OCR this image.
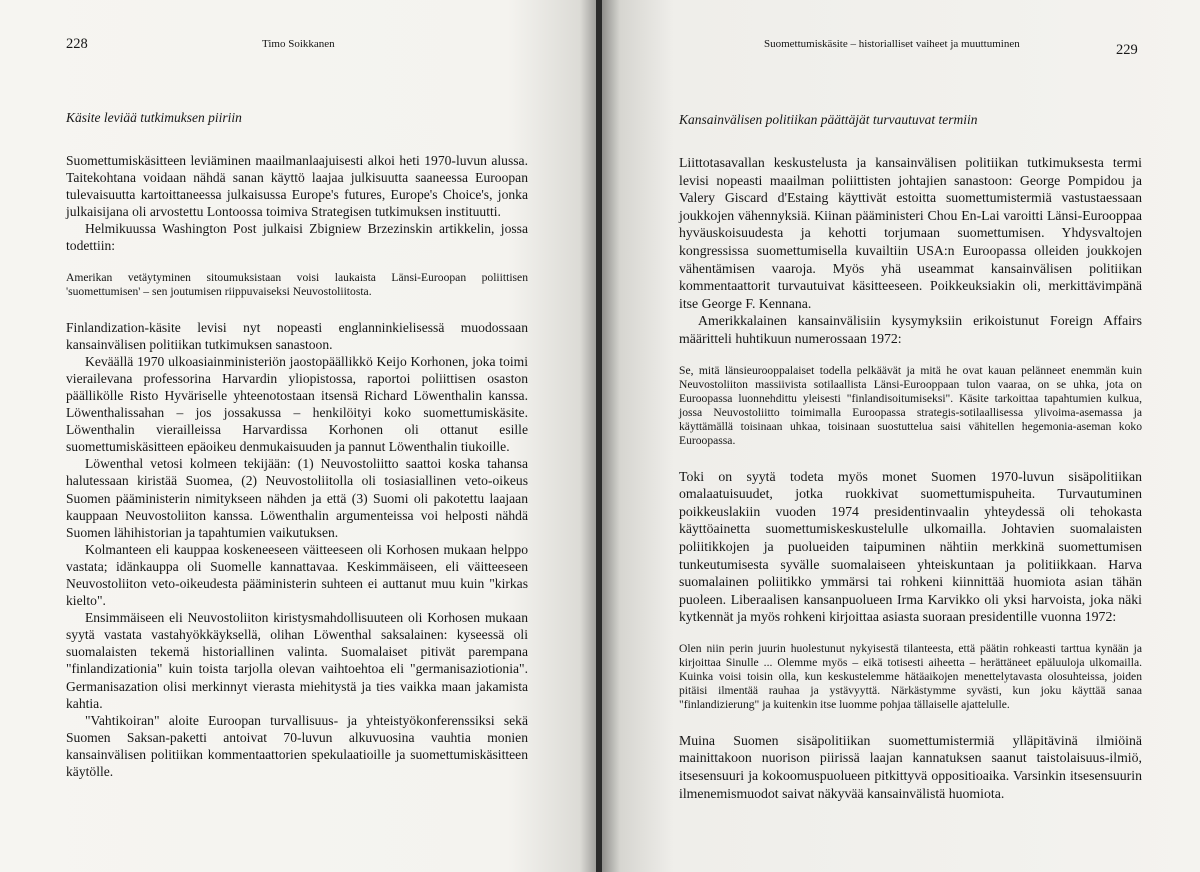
228	Timo Soikkanen
Käsite leviää tutkimuksen piiriin

Suomettumiskäsitteen leviäminen maailmanlaajuisesti alkoi heti 1970-luvun alussa. Taitekohtana voidaan nähdä sanan käyttö laajaa julkisuutta saaneessa Euroopan tulevaisuutta kartoittaneessa julkaisussa Europe's futures, Europe's Choice's, jonka julkaisijana oli arvostettu Lontoossa toimiva Strategisen tutkimuksen instituutti.

Helmikuussa Washington Post julkaisi Zbigniew Brzezinskin artikkelin, jossa todettiin:

Amerikan vetäytyminen sitoumuksistaan voisi laukaista Länsi-Euroopan poliittisen 'suomettumisen' – sen joutumisen riippuvaiseksi Neuvostoliitosta.

Finlandization-käsite levisi nyt nopeasti englanninkielisessä muodossaan kansainvälisen politiikan tutkimuksen sanastoon.

Keväällä 1970 ulkoasiainministeriön jaostopäällikkö Keijo Korhonen, joka toimi vierailevana professorina Harvardin yliopistossa, raportoi poliittisen osaston päällikölle Risto Hyväriselle yhteenotostaan itsensä Richard Löwenthalin kanssa. Löwenthalissahan – jos jossakussa – henkilöityi koko suomettumiskäsite. Löwenthalin vierailleissa Harvardissa Korhonen oli ottanut esille suomettumiskäsitteen epäoikeu denmukaisuuden ja pannut Löwenthalin tiukoille.

Löwenthal vetosi kolmeen tekijään: (1) Neuvostoliitto saattoi koska tahansa halutessaan kiristää Suomea, (2) Neuvostoliitolla oli tosiasiallinen veto-oikeus Suomen pääministerin nimitykseen nähden ja että (3) Suomi oli pakotettu laajaan kauppaan Neuvostoliiton kanssa. Löwenthalin argumenteissa voi helposti nähdä Suomen lähihistorian ja tapahtumien vaikutuksen.

Kolmanteen eli kauppaa koskeneeseen väitteeseen oli Korhosen mukaan helppo vastata; idänkauppa oli Suomelle kannattavaa. Keskimmäiseen, eli väitteeseen Neuvostoliiton veto-oikeudesta pääministerin suhteen ei auttanut muu kuin "kirkas kielto".

Ensimmäiseen eli Neuvostoliiton kiristysmahdollisuuteen oli Korhosen mukaan syytä vastata vastahyökkäyksellä, olihan Löwenthal saksalainen: kyseessä oli suomalaisten tekemä historiallinen valinta. Suomalaiset pitivät parempana "finlandizationia" kuin toista tarjolla olevan vaihtoehtoa eli "germanisaziotionia". Germanisazation olisi merkinnyt vierasta miehitystä ja ties vaikka maan jakamista kahtia.

"Vahtikoiran" aloite Euroopan turvallisuus- ja yhteistyökonferenssiksi sekä Suomen Saksan-paketti antoivat 70-luvun alkuvuosina vauhtia monien kansainvälisen politiikan kommentaattorien spekulaatioille ja suomettumiskäsitteen käytölle.

Suomettumiskäsite – historialliset vaiheet ja muuttuminen	229
Kansainvälisen politiikan päättäjät turvautuvat termiin

Liittotasavallan keskustelusta ja kansainvälisen politiikan tutkimuksesta termi levisi nopeasti maailman poliittisten johtajien sanastoon: George Pompidou ja Valery Giscard d'Estaing käyttivät estoitta suomettumistermiä vastustaessaan joukkojen vähennyksiä. Kiinan pääministeri Chou En-Lai varoitti Länsi-Eurooppaa hyväuskoisuudesta ja kehotti torjumaan suomettumisen. Yhdysvaltojen kongressissa suomettumisella kuvailtiin USA:n Euroopassa olleiden joukkojen vähentämisen vaaroja. Myös yhä useammat kansainvälisen politiikan kommentaattorit turvautuivat käsitteeseen. Poikkeuksiakin oli, merkittävimpänä itse George F. Kennana.

Amerikkalainen kansainvälisiin kysymyksiin erikoistunut Foreign Affairs määritteli huhtikuun numerossaan 1972:

Se, mitä länsieurooppalaiset todella pelkäävät ja mitä he ovat kauan pelänneet enemmän kuin Neuvostoliiton massiivista sotilaallista Länsi-Eurooppaan tulon vaaraa, on se uhka, jota on Euroopassa luonnehdittu yleisesti "finlandisoitumiseksi". Käsite tarkoittaa tapahtumien kulkua, jossa Neuvostoliitto toimimalla Euroopassa strategis-sotilaallisessa ylivoima-asemassa ja käyttämällä toisinaan uhkaa, toisinaan suostuttelua saisi vähitellen hegemonia-aseman koko Euroopassa.

Toki on syytä todeta myös monet Suomen 1970-luvun sisäpolitiikan omalaatuisuudet, jotka ruokkivat suomettumispuheita. Turvautuminen poikkeuslakiin vuoden 1974 presidentinvaalin yhteydessä oli tehokasta käyttöainetta suomettumiskeskustelulle ulkomailla. Johtavien suomalaisten poliitikkojen ja puolueiden taipuminen nähtiin merkkinä suomettumisen tunkeutumisesta syvälle suomalaiseen yhteiskuntaan ja politiikkaan. Harva suomalainen poliitikko ymmärsi tai rohkeni kiinnittää huomiota asian tähän puoleen. Liberaalisen kansanpuolueen Irma Karvikko oli yksi harvoista, joka näki kytkennät ja myös rohkeni kirjoittaa asiasta suoraan presidentille vuonna 1972:

Olen niin perin juurin huolestunut nykyisestä tilanteesta, että päätin rohkeasti tarttua kynään ja kirjoittaa Sinulle ... Olemme myös – eikä totisesti aiheetta – herättäneet epäluuloja ulkomailla. Kuinka voisi toisin olla, kun keskustelemme hätäaikojen menettelytavasta olosuhteissa, joiden pitäisi ilmentää rauhaa ja ystävyyttä. Närkästymme syvästi, kun joku käyttää sanaa "finlandizierung" ja kuitenkin itse luomme pohjaa tällaiselle ajattelulle.

Muina Suomen sisäpolitiikan suomettumistermiä ylläpitävinä ilmiöinä mainittakoon nuorison piirissä laajan kannatuksen saanut taistolaisuus-ilmiö, itsesensuuri ja kokoomuspuolueen pitkittyvä oppositioaika. Varsinkin itsesensuurin ilmenemismuodot saivat näkyvää kansainvälistä huomiota.
